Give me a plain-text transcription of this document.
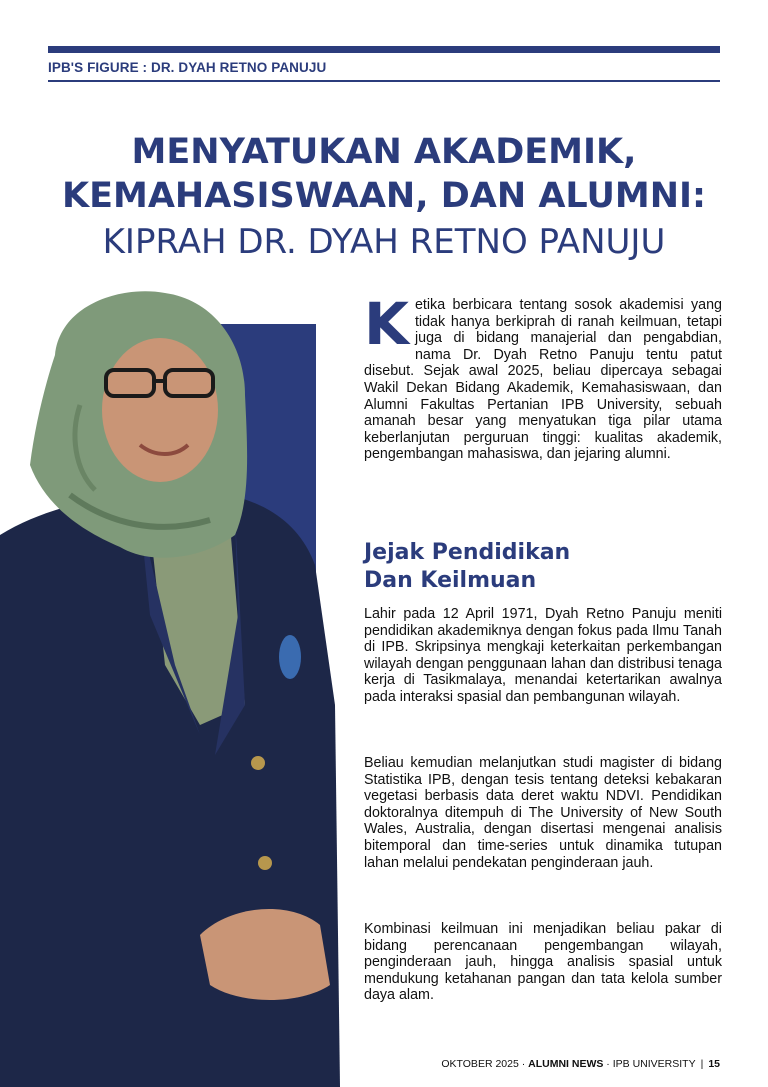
IPB'S FIGURE : DR. DYAH RETNO PANUJU
MENYATUKAN AKADEMIK,
KEMAHASISWAAN, DAN ALUMNI:
KIPRAH DR. DYAH RETNO PANUJU
Ketika berbicara tentang sosok akademisi yang tidak hanya berkiprah di ranah keilmuan, tetapi juga di bidang manajerial dan pengabdian, nama Dr. Dyah Retno Panuju tentu patut disebut. Sejak awal 2025, beliau dipercaya sebagai Wakil Dekan Bidang Akademik, Kemahasiswaan, dan Alumni Fakultas Pertanian IPB University, sebuah amanah besar yang menyatukan tiga pilar utama keberlanjutan perguruan tinggi: kualitas akademik, pengembangan mahasiswa, dan jejaring alumni.
Jejak Pendidikan
Dan Keilmuan
Lahir pada 12 April 1971, Dyah Retno Panuju meniti pendidikan akademiknya dengan fokus pada Ilmu Tanah di IPB. Skripsinya mengkaji keterkaitan perkembangan wilayah dengan penggunaan lahan dan distribusi tenaga kerja di Tasikmalaya, menandai ketertarikan awalnya pada interaksi spasial dan pembangunan wilayah.
Beliau kemudian melanjutkan studi magister di bidang Statistika IPB, dengan tesis tentang deteksi kebakaran vegetasi berbasis data deret waktu NDVI. Pendidikan doktoralnya ditempuh di The University of New South Wales, Australia, dengan disertasi mengenai analisis bitemporal dan time-series untuk dinamika tutupan lahan melalui pendekatan penginderaan jauh.
Kombinasi keilmuan ini menjadikan beliau pakar di bidang perencanaan pengembangan wilayah, penginderaan jauh, hingga analisis spasial untuk mendukung ketahanan pangan dan tata kelola sumber daya alam.
OKTOBER 2025 · ALUMNI NEWS · IPB UNIVERSITY | 15
